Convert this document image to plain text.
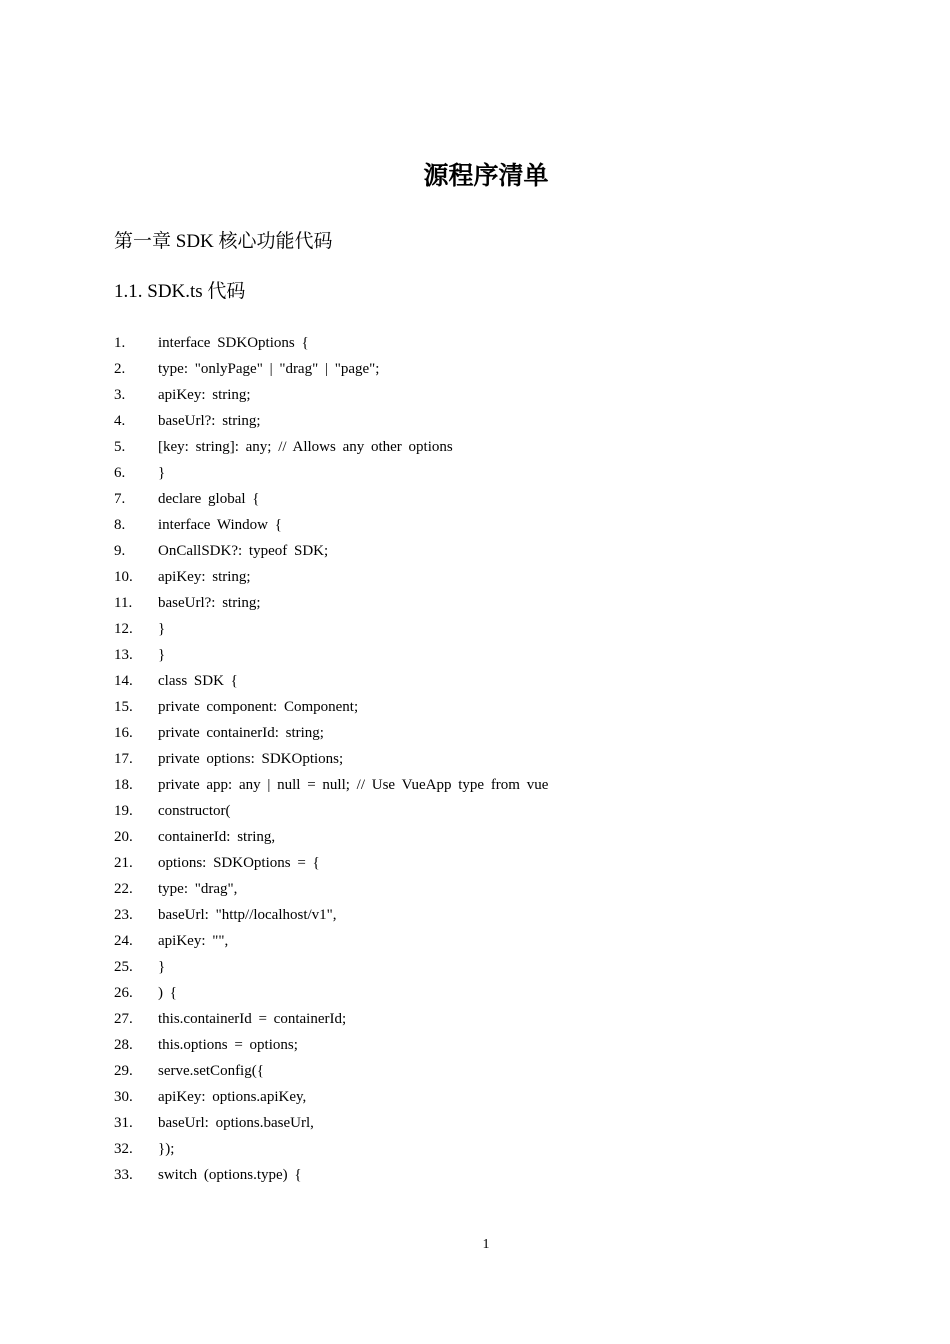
源程序清单
第一章 SDK 核心功能代码
1.1. SDK.ts 代码
1. interface SDKOptions {
2. type: "onlyPage" | "drag" | "page";
3. apiKey: string;
4. baseUrl?: string;
5. [key: string]: any; // Allows any other options
6. }
7. declare global {
8. interface Window {
9. OnCallSDK?: typeof SDK;
10. apiKey: string;
11. baseUrl?: string;
12. }
13. }
14. class SDK {
15. private component: Component;
16. private containerId: string;
17. private options: SDKOptions;
18. private app: any | null = null; // Use VueApp type from vue
19. constructor(
20. containerId: string,
21. options: SDKOptions = {
22. type: "drag",
23. baseUrl: "http//localhost/v1",
24. apiKey: "",
25. }
26. ) {
27. this.containerId = containerId;
28. this.options = options;
29. serve.setConfig({
30. apiKey: options.apiKey,
31. baseUrl: options.baseUrl,
32. });
33. switch (options.type) {
1
